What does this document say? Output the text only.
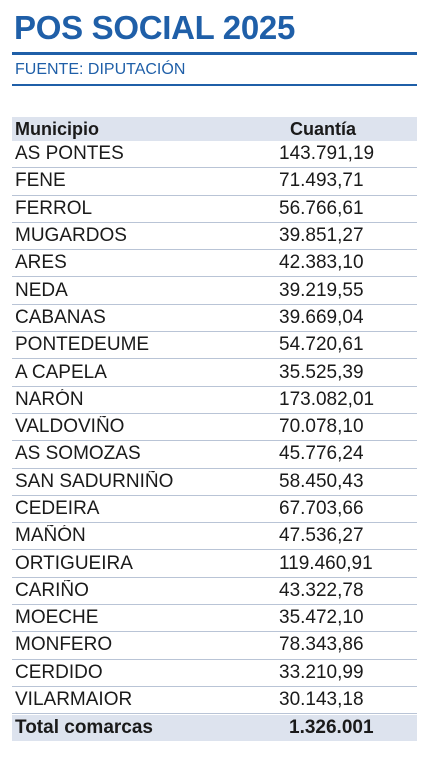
POS SOCIAL 2025
FUENTE: DIPUTACIÓN
Municipio	Cuantía
AS PONTES	143.791,19
FENE	71.493,71
FERROL	56.766,61
MUGARDOS	39.851,27
ARES	42.383,10
NEDA	39.219,55
CABANAS	39.669,04
PONTEDEUME	54.720,61
A CAPELA	35.525,39
NARÓN	173.082,01
VALDOVIÑO	70.078,10
AS SOMOZAS	45.776,24
SAN SADURNIÑO	58.450,43
CEDEIRA	67.703,66
MAÑÓN	47.536,27
ORTIGUEIRA	119.460,91
CARIÑO	43.322,78
MOECHE	35.472,10
MONFERO	78.343,86
CERDIDO	33.210,99
VILARMAIOR	30.143,18
Total comarcas	1.326.001
